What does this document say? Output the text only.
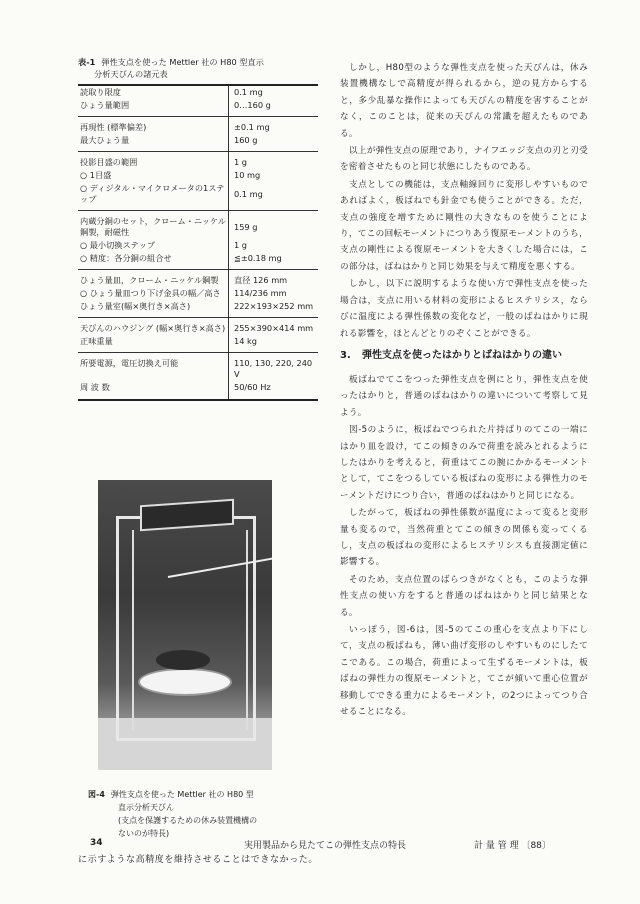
表-1 弾性支点を使った Mettler 社の H80 型直示
分析天びんの諸元表
読取り限度	0.1 mg
ひょう量範囲	0…160 g
再現性 (標準偏差)	±0.1 mg
最大ひょう量	160 g
投影目盛の範囲	1 g
○ 1目盛	10 mg
○ ディジタル・マイクロメータの1ステップ	0.1 mg
内蔵分銅のセット，クローム・ニッケル鋼製，耐磁性	159 g
○ 最小切換ステップ	1 g
○ 精度：各分銅の組合せ	≦±0.18 mg
ひょう量皿，クローム・ニッケル鋼製	直径 126 mm
○ ひょう量皿つり下げ金具の幅／高さ	114/236 mm
ひょう量室(幅×奥行き×高さ)	222×193×252 mm
天びんのハウジング (幅×奥行き×高さ)	255×390×414 mm
正味重量	14 kg
所要電源，電圧切換え可能	110, 130, 220, 240 V
周 波 数	50/60 Hz
図-4 弾性支点を使った Mettler 社の H80 型
直示分析天びん
(支点を保護するための休み装置機構の
ないのが特長)
に示すような高精度を維持させることはできなかった。

しかし，H80型のような弾性支点を使った天びんは，休み装置機構なしで高精度が得られるから，逆の見方からすると，多少乱暴な操作によっても天びんの精度を害することがなく，このことは，従来の天びんの常識を超えたものである。

以上が弾性支点の原理であり，ナイフエッジ支点の刃と刃受を密着させたものと同じ状態にしたものである。

支点としての機能は，支点軸線回りに変形しやすいものであればよく，板ばねでも針金でも使うことができる。ただ，支点の強度を増すために剛性の大きなものを使うことにより，てこの回転モーメントにつりあう復原モーメントのうち，支点の剛性による復原モーメントを大きくした場合には，この部分は，ばねはかりと同じ効果を与えて精度を悪くする。

しかし，以下に説明するような使い方で弾性支点を使った場合は，支点に用いる材料の変形によるヒステリシス，ならびに温度による弾性係数の変化など，一般のばねはかりに現れる影響を，ほとんどとりのぞくことができる。

3.	弾性支点を使ったはかりとばねはかりの違い

板ばねでてこをつった弾性支点を例にとり，弾性支点を使ったはかりと，普通のばねはかりの違いについて考察して見よう。

図-5のように，板ばねでつられた片持ばりのてこの一端にはかり皿を設け，てこの傾きのみで荷重を読みとれるようにしたはかりを考えると，荷重はてこの腕にかかるモーメントとして，てこをつるしている板ばねの変形による弾性力のモーメントだけにつり合い，普通のばねはかりと同じになる。

したがって，板ばねの弾性係数が温度によって変ると変形量も変るので，当然荷重とてこの傾きの関係も変ってくるし，支点の板ばねの変形によるヒステリシスも直接測定値に影響する。

そのため，支点位置のばらつきがなくとも，このような弾性支点の使い方をすると普通のばねはかりと同じ結果となる。

いっぽう，図-6は，図-5のてこの重心を支点より下にして，支点の板ばねも，薄い曲げ変形のしやすいものにしたてこである。この場合，荷重によって生ずるモーメントは，板ばねの弾性力の復原モーメントと，てこが傾いて重心位置が移動してできる重力によるモーメント，の2つによってつり合せることになる。

34	実用製品から見たてこの弾性支点の特長	計 量 管 理 〔88〕
